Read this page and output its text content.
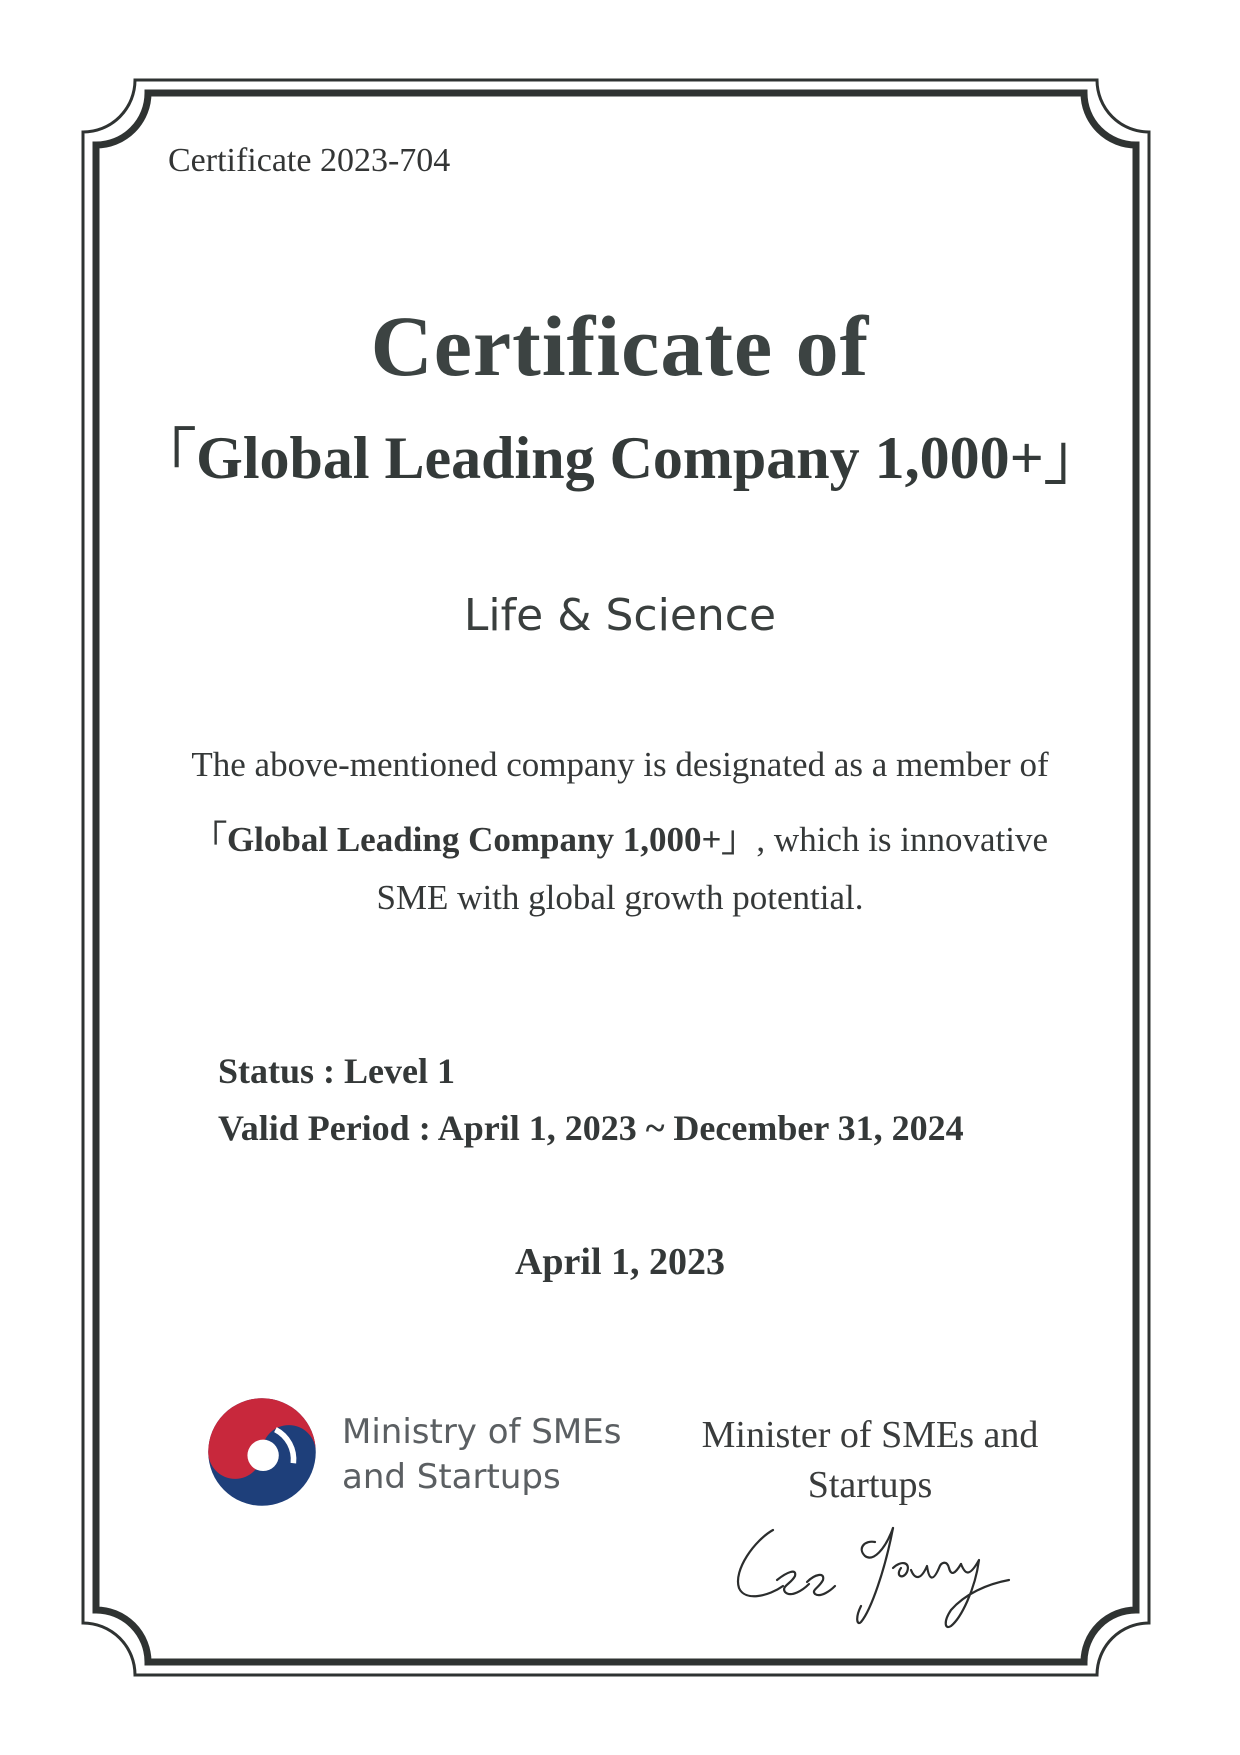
Certificate 2023-704
Certificate of
「Global Leading Company 1,000+」
Life & Science
The above-mentioned company is designated as a member of
「Global Leading Company 1,000+」, which is innovative
SME with global growth potential.
Status : Level 1
Valid Period : April 1, 2023 ~ December 31, 2024
April 1, 2023
Ministry of SMEs
and Startups
Minister of SMEs and
Startups
